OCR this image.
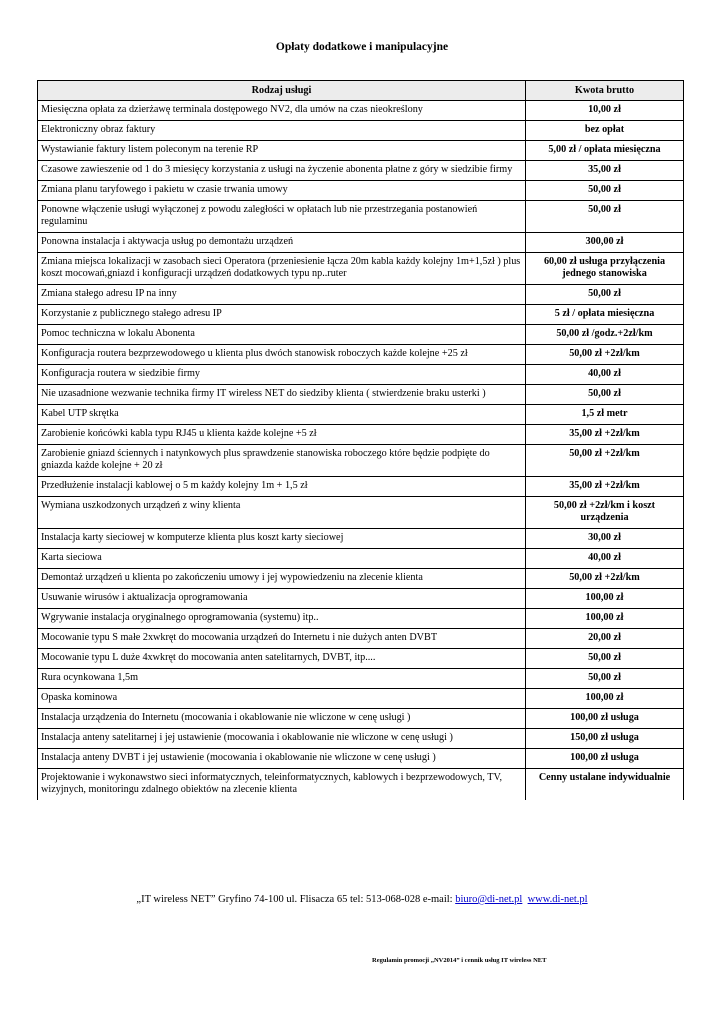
Opłaty dodatkowe i manipulacyjne
Rodzaj usługi	Kwota brutto
Miesięczna opłata za dzierżawę terminala dostępowego NV2, dla umów na czas nieokreślony	10,00 zł
Elektroniczny obraz faktury	bez opłat
Wystawianie faktury listem poleconym na terenie RP	5,00 zł / opłata miesięczna
Czasowe zawieszenie od 1 do 3 miesięcy korzystania z usługi na życzenie abonenta płatne z góry w siedzibie firmy	35,00 zł
Zmiana planu taryfowego i pakietu w czasie trwania umowy	50,00 zł
Ponowne włączenie usługi wyłączonej z powodu zaległości w opłatach lub nie przestrzegania postanowień regulaminu	50,00 zł
Ponowna instalacja i aktywacja usług po demontażu urządzeń	300,00 zł
Zmiana miejsca lokalizacji w zasobach sieci Operatora (przeniesienie łącza 20m kabla każdy kolejny 1m+1,5zł ) plus koszt mocowań,gniazd i konfiguracji urządzeń dodatkowych typu np..ruter	60,00 zł usługa przyłączenia jednego stanowiska
Zmiana stałego adresu IP na inny	50,00 zł
Korzystanie z publicznego stałego adresu IP	5 zł / opłata miesięczna
Pomoc techniczna w lokalu Abonenta	50,00 zł /godz.+2zł/km
Konfiguracja routera bezprzewodowego u klienta plus dwóch stanowisk roboczych każde kolejne +25 zł	50,00 zł +2zł/km
Konfiguracja routera w siedzibie firmy	40,00 zł
Nie uzasadnione wezwanie technika firmy IT wireless NET do siedziby klienta ( stwierdzenie braku usterki )	50,00 zł
Kabel UTP skrętka	1,5 zł metr
Zarobienie końcówki kabla typu RJ45 u klienta każde kolejne +5 zł	35,00 zł +2zł/km
Zarobienie gniazd ściennych i natynkowych plus sprawdzenie stanowiska roboczego które będzie podpięte do gniazda każde kolejne + 20 zł	50,00 zł +2zł/km
Przedłużenie instalacji kablowej o 5 m każdy kolejny 1m + 1,5 zł	35,00 zł +2zł/km
Wymiana uszkodzonych urządzeń z winy klienta	50,00 zł +2zł/km i koszt urządzenia
Instalacja karty sieciowej w komputerze klienta plus koszt karty sieciowej	30,00 zł
Karta sieciowa	40,00 zł
Demontaż urządzeń u klienta po zakończeniu umowy i jej wypowiedzeniu na zlecenie klienta	50,00 zł +2zł/km
Usuwanie wirusów i aktualizacja oprogramowania	100,00 zł
Wgrywanie instalacja oryginalnego oprogramowania (systemu) itp..	100,00 zł
Mocowanie typu S małe 2xwkręt do mocowania urządzeń do Internetu i nie dużych anten DVBT	20,00 zł
Mocowanie typu L duże 4xwkręt do mocowania anten satelitarnych, DVBT, itp....	50,00 zł
Rura ocynkowana 1,5m	50,00 zł
Opaska kominowa	100,00 zł
Instalacja urządzenia do Internetu (mocowania i okablowanie nie wliczone w cenę usługi )	100,00 zł usługa
Instalacja anteny satelitarnej i jej ustawienie (mocowania i okablowanie nie wliczone w cenę usługi )	150,00 zł usługa
Instalacja anteny DVBT i jej ustawienie (mocowania i okablowanie nie wliczone w cenę usługi )	100,00 zł usługa
Projektowanie i wykonawstwo sieci informatycznych, teleinformatycznych, kablowych i bezprzewodowych, TV, wizyjnych, monitoringu zdalnego obiektów na zlecenie klienta	Cenny ustalane indywidualnie
„IT wireless NET” Gryfino 74-100 ul. Flisacza 65 tel: 513-068-028 e-mail: biuro@di-net.pl www.di-net.pl
Regulamin promocji „NV2014” i cennik usług IT wireless NET
